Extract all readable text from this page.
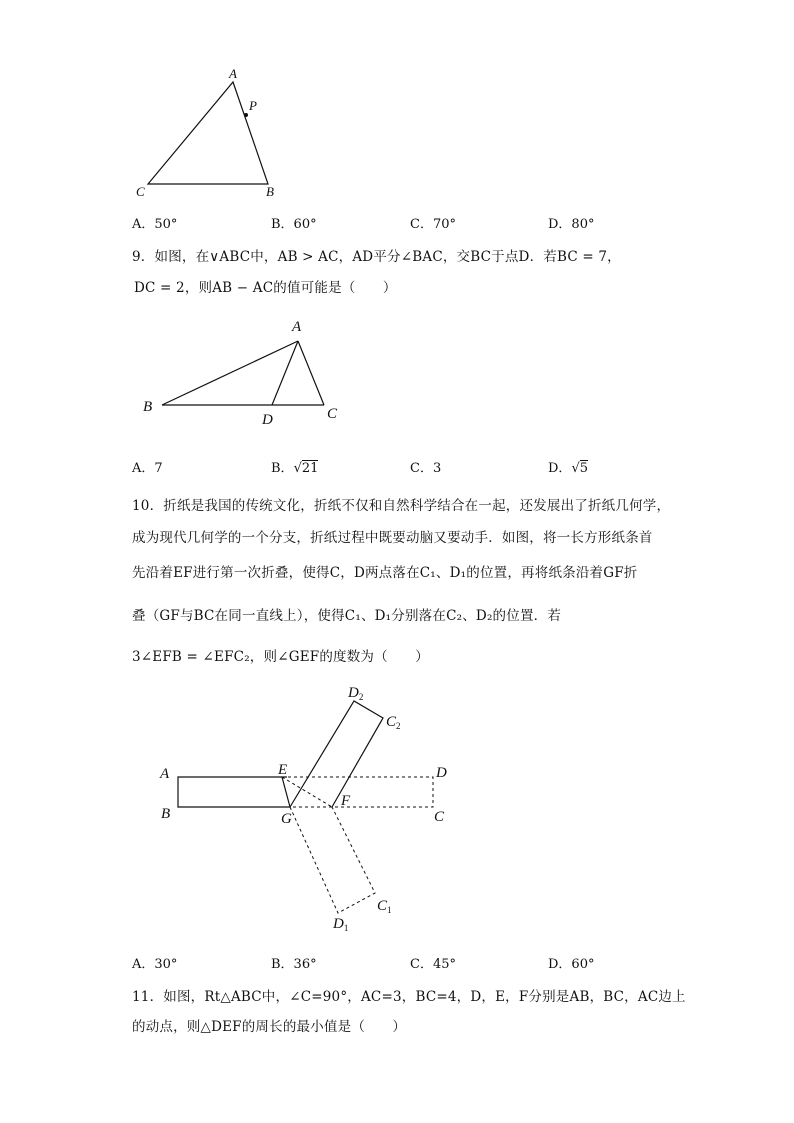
A
P
C	B
A．50°	B．60°	C．70°	D．80°
9．如图，在∨ABC中，AB > AC，AD平分∠BAC，交BC于点D．若BC = 7，
DC = 2，则AB − AC的值可能是（　　）
A
B
D	C
A．7	B．√21	C．3	D．√5
10．折纸是我国的传统文化，折纸不仅和自然科学结合在一起，还发展出了折纸几何学，
成为现代几何学的一个分支，折纸过程中既要动脑又要动手．如图，将一长方形纸条首
先沿着EF进行第一次折叠，使得C，D两点落在C₁、D₁的位置，再将纸条沿着GF折
叠（GF与BC在同一直线上），使得C₁、D₁分别落在C₂、D₂的位置．若
3∠EFB = ∠EFC₂，则∠GEF的度数为（　　）
A
B
E
G
F
D
C
$D_2$
$C_2$
$D_1$
$C_1$
A．30°	B．36°	C．45°	D．60°
11．如图，Rt△ABC中，∠C=90°，AC=3，BC=4，D，E，F分别是AB，BC，AC边上
的动点，则△DEF的周长的最小值是（　　）
